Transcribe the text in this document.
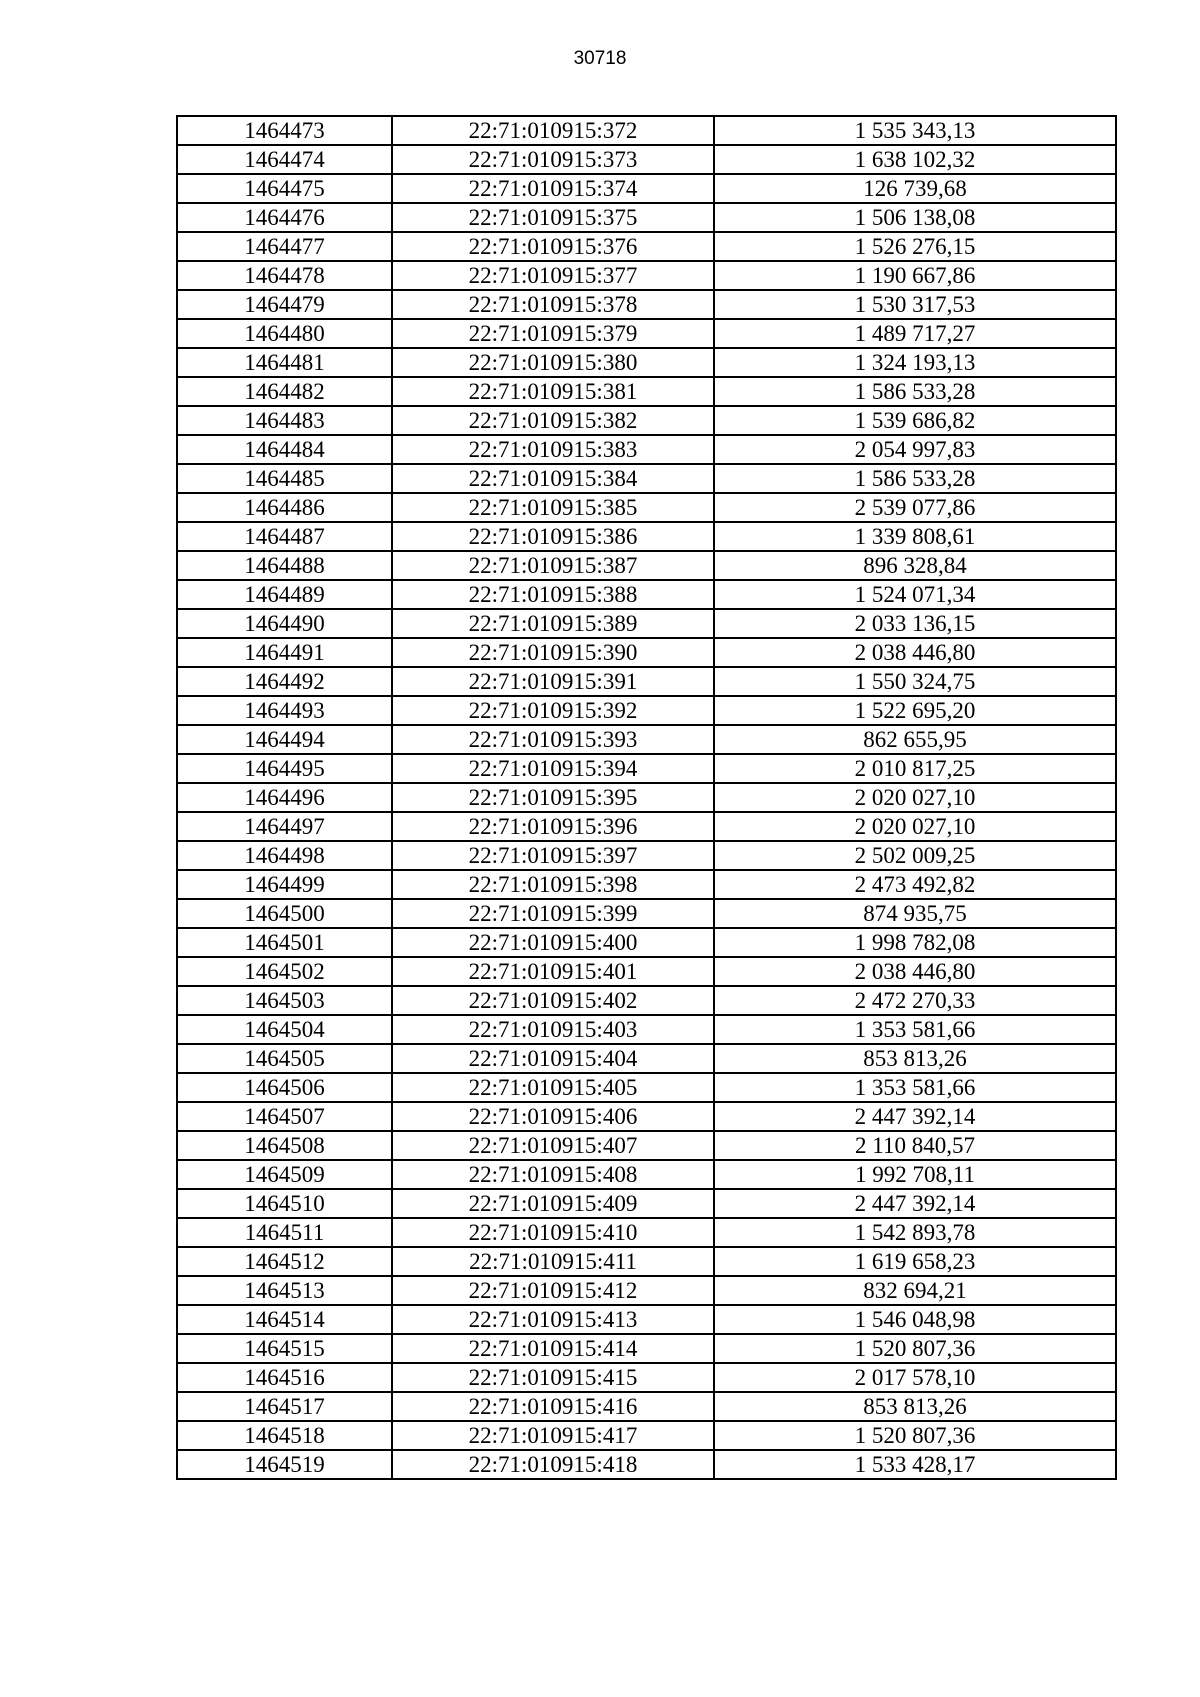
30718
1464473	22:71:010915:372	1 535 343,13
1464474	22:71:010915:373	1 638 102,32
1464475	22:71:010915:374	126 739,68
1464476	22:71:010915:375	1 506 138,08
1464477	22:71:010915:376	1 526 276,15
1464478	22:71:010915:377	1 190 667,86
1464479	22:71:010915:378	1 530 317,53
1464480	22:71:010915:379	1 489 717,27
1464481	22:71:010915:380	1 324 193,13
1464482	22:71:010915:381	1 586 533,28
1464483	22:71:010915:382	1 539 686,82
1464484	22:71:010915:383	2 054 997,83
1464485	22:71:010915:384	1 586 533,28
1464486	22:71:010915:385	2 539 077,86
1464487	22:71:010915:386	1 339 808,61
1464488	22:71:010915:387	896 328,84
1464489	22:71:010915:388	1 524 071,34
1464490	22:71:010915:389	2 033 136,15
1464491	22:71:010915:390	2 038 446,80
1464492	22:71:010915:391	1 550 324,75
1464493	22:71:010915:392	1 522 695,20
1464494	22:71:010915:393	862 655,95
1464495	22:71:010915:394	2 010 817,25
1464496	22:71:010915:395	2 020 027,10
1464497	22:71:010915:396	2 020 027,10
1464498	22:71:010915:397	2 502 009,25
1464499	22:71:010915:398	2 473 492,82
1464500	22:71:010915:399	874 935,75
1464501	22:71:010915:400	1 998 782,08
1464502	22:71:010915:401	2 038 446,80
1464503	22:71:010915:402	2 472 270,33
1464504	22:71:010915:403	1 353 581,66
1464505	22:71:010915:404	853 813,26
1464506	22:71:010915:405	1 353 581,66
1464507	22:71:010915:406	2 447 392,14
1464508	22:71:010915:407	2 110 840,57
1464509	22:71:010915:408	1 992 708,11
1464510	22:71:010915:409	2 447 392,14
1464511	22:71:010915:410	1 542 893,78
1464512	22:71:010915:411	1 619 658,23
1464513	22:71:010915:412	832 694,21
1464514	22:71:010915:413	1 546 048,98
1464515	22:71:010915:414	1 520 807,36
1464516	22:71:010915:415	2 017 578,10
1464517	22:71:010915:416	853 813,26
1464518	22:71:010915:417	1 520 807,36
1464519	22:71:010915:418	1 533 428,17
